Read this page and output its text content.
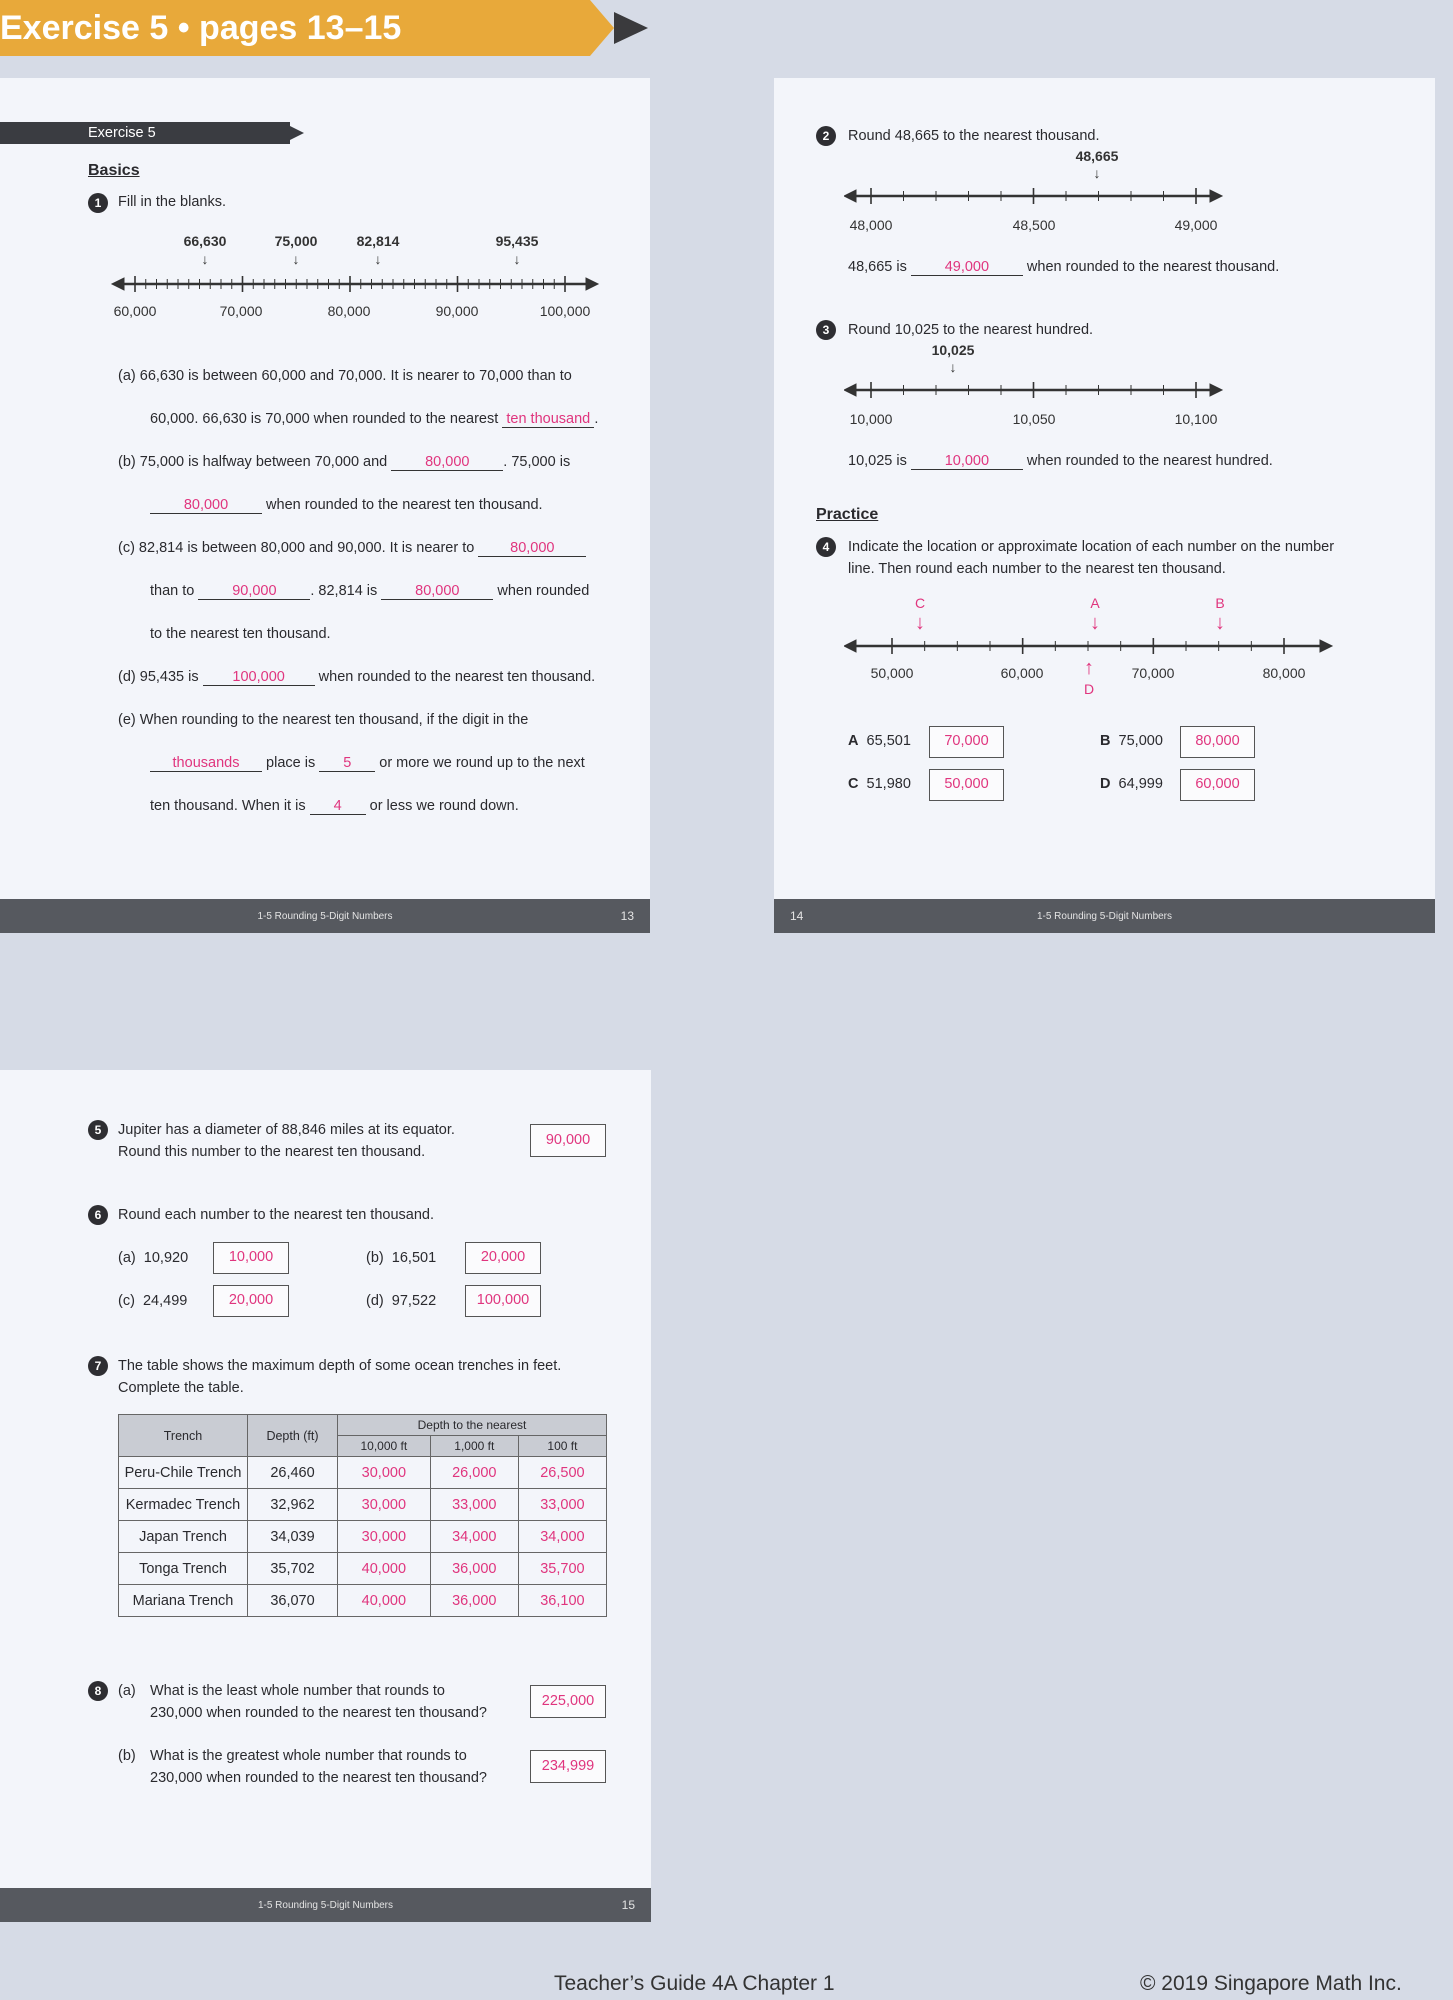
Exercise 5 • pages 13–15
Exercise 5
Basics
1	Fill in the blanks.
66,630	75,000	82,814	95,435
↓	↓	↓	↓
60,000	70,000	80,000	90,000	100,000
(a) 66,630 is between 60,000 and 70,000. It is nearer to 70,000 than to
60,000. 66,630 is 70,000 when rounded to the nearest ten thousand .
(b) 75,000 is halfway between 70,000 and	80,000 . 75,000 is
80,000	when rounded to the nearest ten thousand.
(c) 82,814 is between 80,000 and 90,000. It is nearer to 80,000
than to	90,000 . 82,814 is	80,000	when rounded
to the nearest ten thousand.
(d) 95,435 is 100,000 when rounded to the nearest ten thousand.
(e) When rounding to the nearest ten thousand, if the digit in the
thousands place is 5 or more we round up to the next
ten thousand. When it is 4 or less we round down.
1-5 Rounding 5-Digit Numbers	13
2	Round 48,665 to the nearest thousand.
48,665
↓
48,000	48,500	49,000
48,665 is	49,000	when rounded to the nearest thousand.
3	Round 10,025 to the nearest hundred.
10,025
↓
10,000	10,050	10,100
10,025 is	10,000	when rounded to the nearest hundred.
Practice
4	Indicate the location or approximate location of each number on the number
line. Then round each number to the nearest ten thousand.
C
↓
A
↓
B
↓
↑
D
50,000	60,000	70,000	80,000
A 65,501	70,000	B 75,000	80,000
C 51,980	50,000	D 64,999	60,000
1-5 Rounding 5-Digit Numbers
14
5	Jupiter has a diameter of 88,846 miles at its equator.
Round this number to the nearest ten thousand.
90,000
6	Round each number to the nearest ten thousand.
(a) 10,920	10,000	(b) 16,501	20,000
(c) 24,499	20,000	(d) 97,522	100,000
7	The table shows the maximum depth of some ocean trenches in feet.
Complete the table.
Trench	Depth (ft)	Depth to the nearest		
		10,000 ft	1,000 ft	100 ft
Peru-Chile Trench	26,460	30,000	26,000	26,500
Kermadec Trench	32,962	30,000	33,000	33,000
Japan Trench	34,039	30,000	34,000	34,000
Tonga Trench	35,702	40,000	36,000	35,700
Mariana Trench	36,070	40,000	36,000	36,100
8	(a) What is the least whole number that rounds to
230,000 when rounded to the nearest ten thousand?
225,000
(b) What is the greatest whole number that rounds to
230,000 when rounded to the nearest ten thousand?
234,999
1-5 Rounding 5-Digit Numbers	15
Teacher’s Guide 4A Chapter 1	© 2019 Singapore Math Inc.
